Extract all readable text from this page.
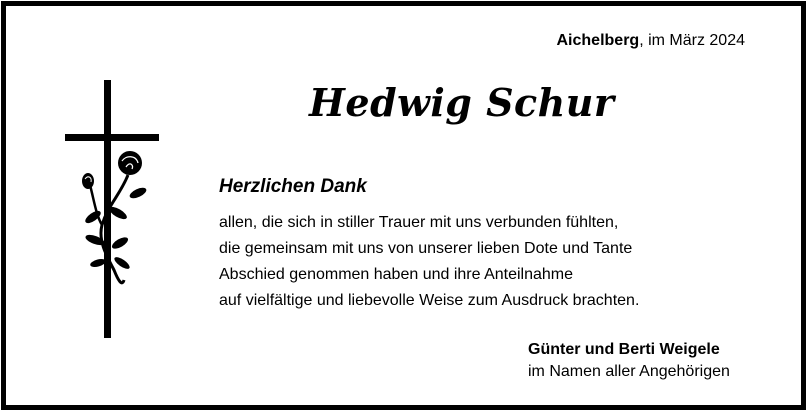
Aichelberg, im März 2024
Hedwig Schur
Herzlichen Dank
allen, die sich in stiller Trauer mit uns verbunden fühlten,
die gemeinsam mit uns von unserer lieben Dote und Tante
Abschied genommen haben und ihre Anteilnahme
auf vielfältige und liebevolle Weise zum Ausdruck brachten.
Günter und Berti Weigele
im Namen aller Angehörigen
